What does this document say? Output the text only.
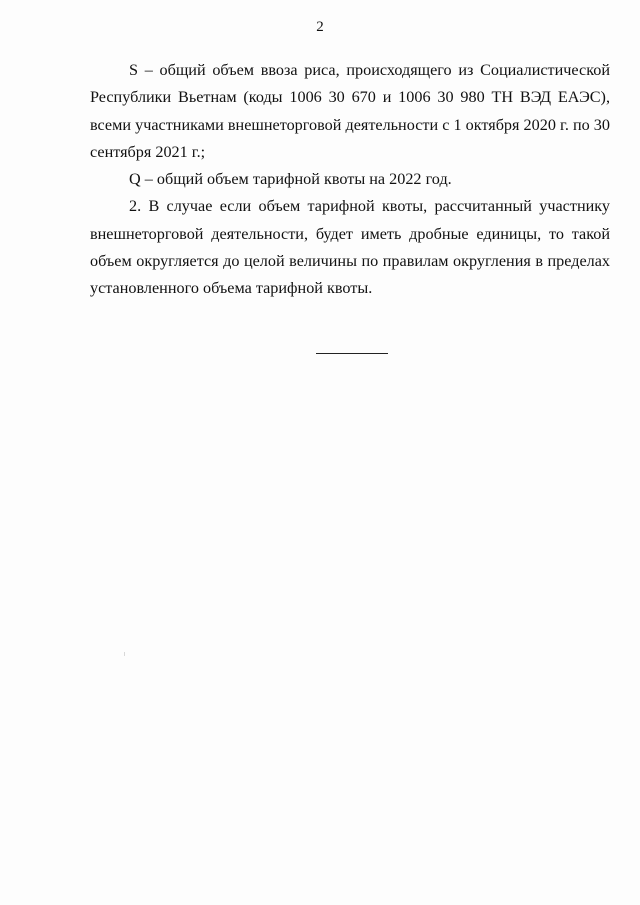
2

S – общий объем ввоза риса, происходящего из Социалистической Республики Вьетнам (коды 1006 30 670 и 1006 30 980 ТН ВЭД ЕАЭС), всеми участниками внешнеторговой деятельности с 1 октября 2020 г. по 30 сентября 2021 г.;

Q – общий объем тарифной квоты на 2022 год.

2. В случае если объем тарифной квоты, рассчитанный участнику внешнеторговой деятельности, будет иметь дробные единицы, то такой объем округляется до целой величины по правилам округления в пределах установленного объема тарифной квоты.
